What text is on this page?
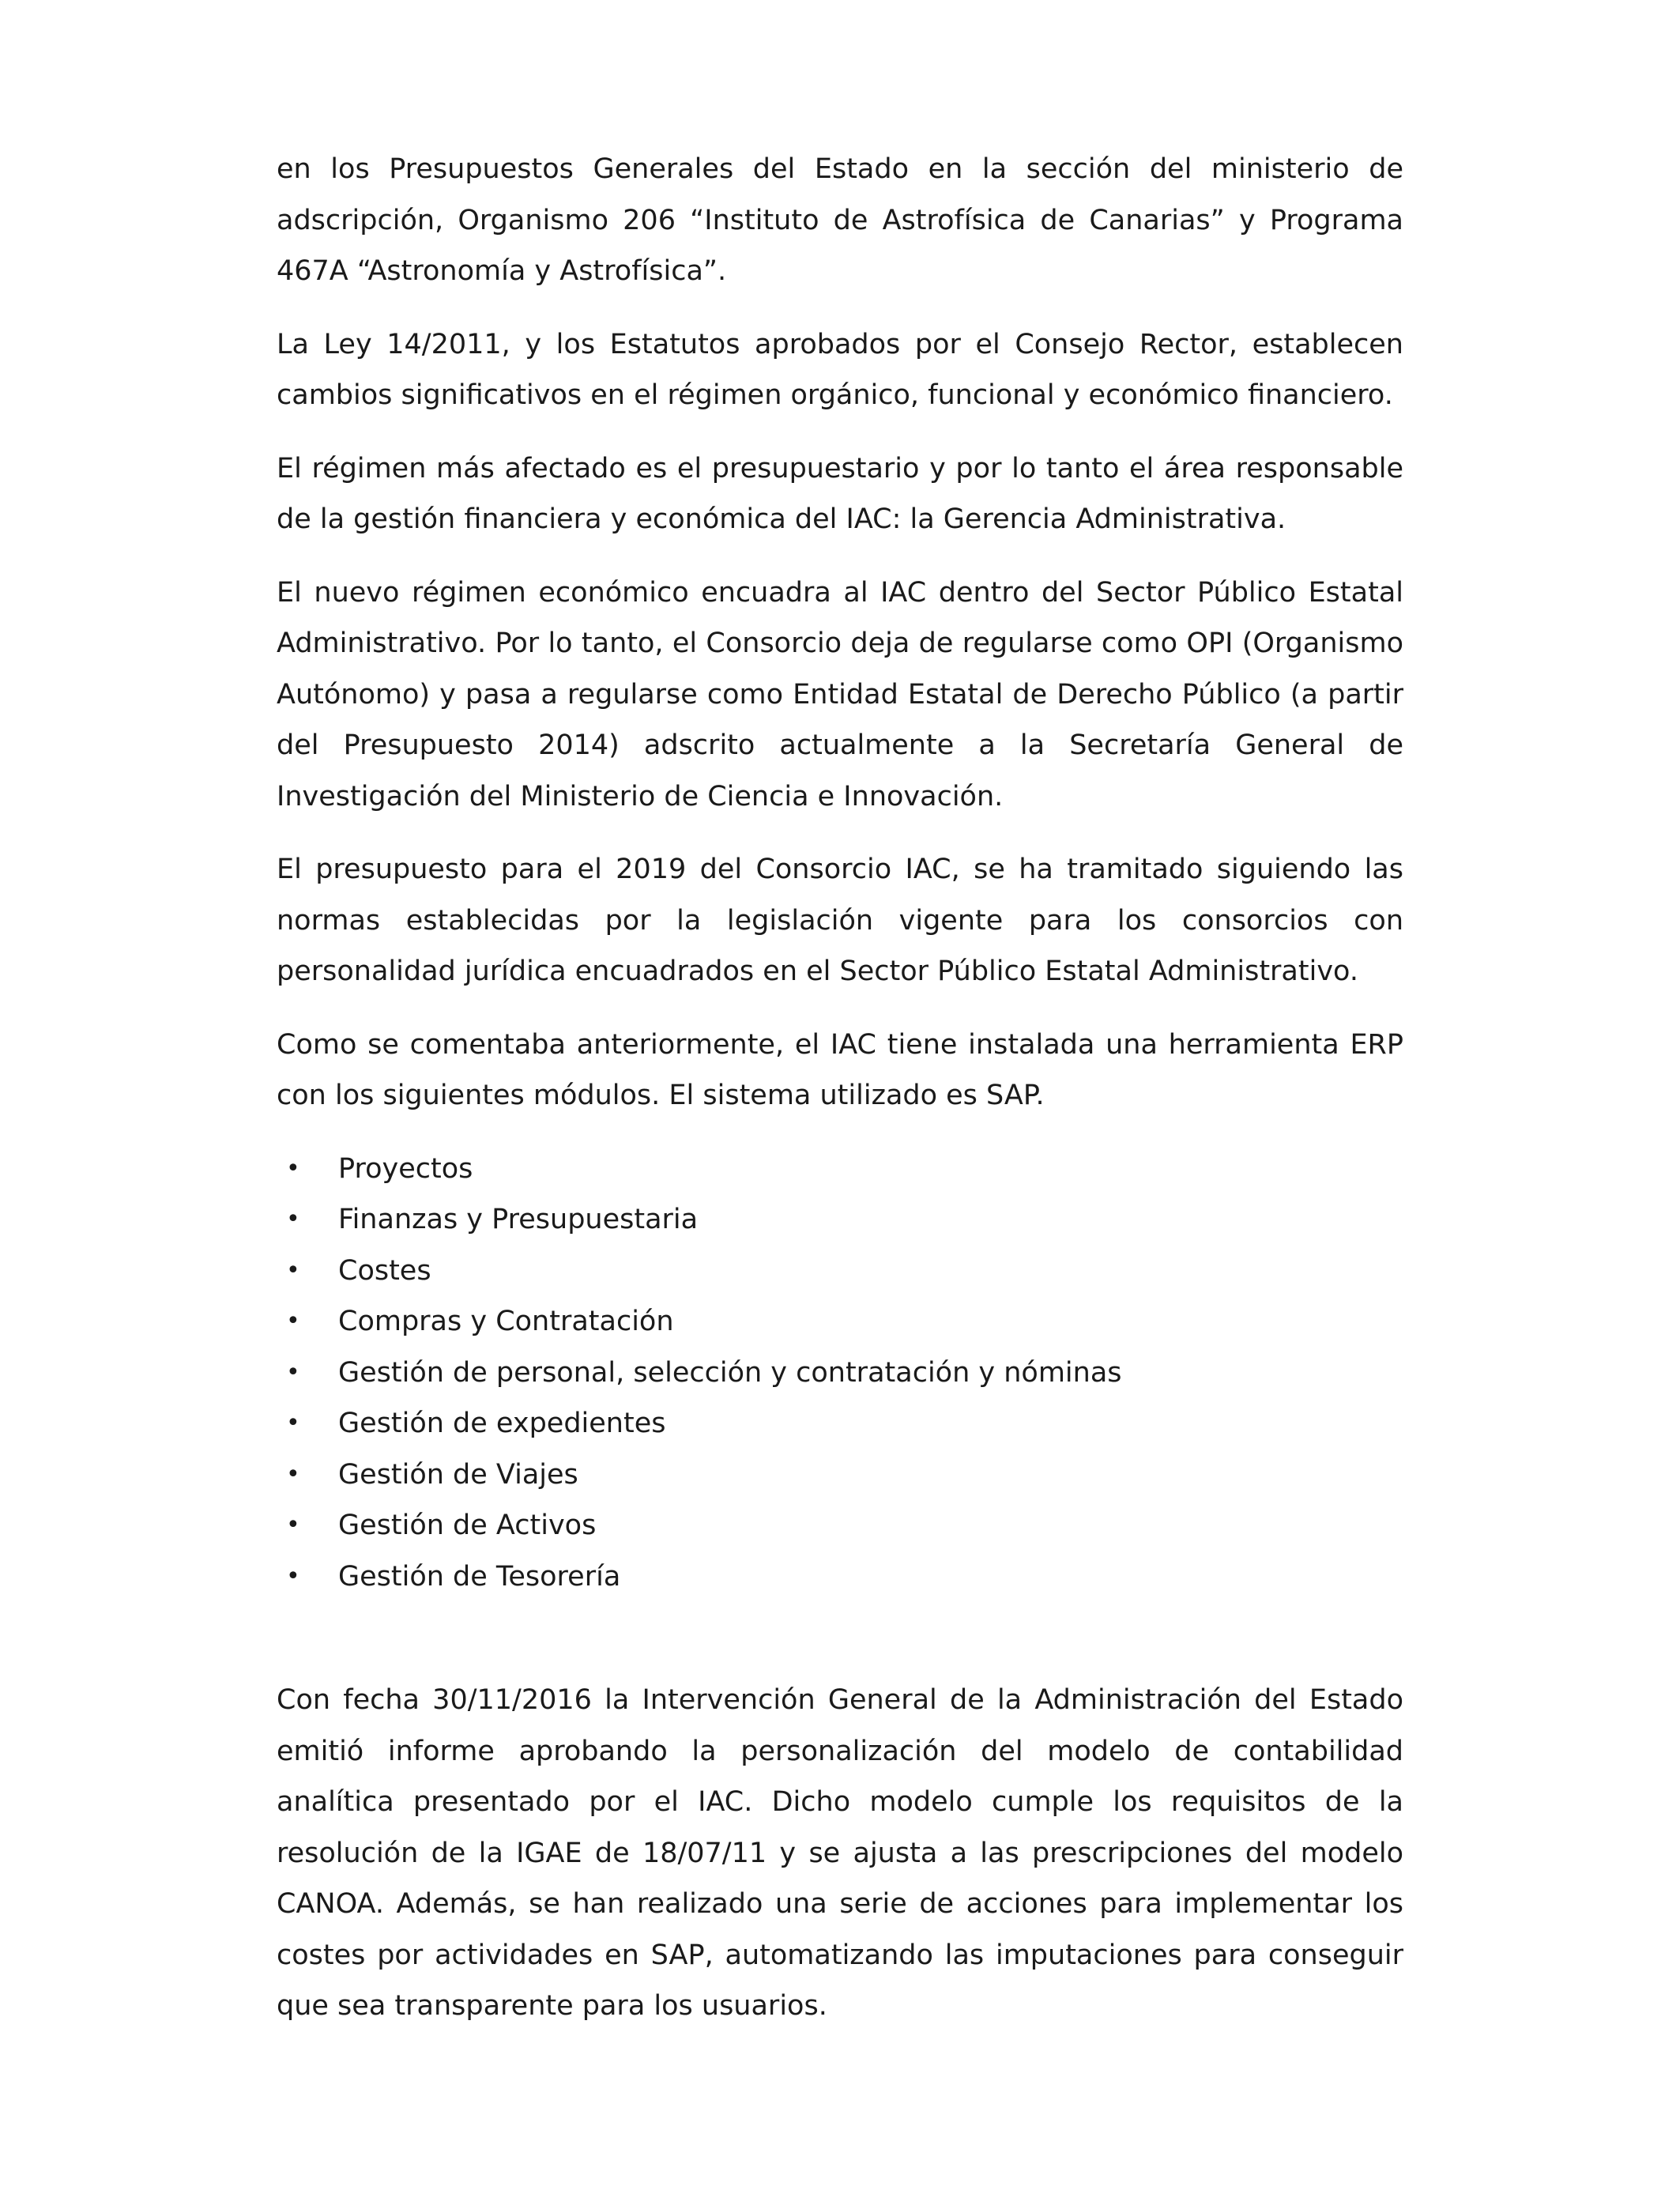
en los Presupuestos Generales del Estado en la sección del ministerio de adscripción, Organismo 206 “Instituto de Astrofísica de Canarias” y Programa 467A “Astronomía y Astrofísica”.

La Ley 14/2011, y los Estatutos aprobados por el Consejo Rector, establecen cambios significativos en el régimen orgánico, funcional y económico financiero.

El régimen más afectado es el presupuestario y por lo tanto el área responsable de la gestión financiera y económica del IAC: la Gerencia Administrativa.

El nuevo régimen económico encuadra al IAC dentro del Sector Público Estatal Administrativo. Por lo tanto, el Consorcio deja de regularse como OPI (Organismo Autónomo) y pasa a regularse como Entidad Estatal de Derecho Público (a partir del Presupuesto 2014) adscrito actualmente a la Secretaría General de Investigación del Ministerio de Ciencia e Innovación.

El presupuesto para el 2019 del Consorcio IAC, se ha tramitado siguiendo las normas establecidas por la legislación vigente para los consorcios con personalidad jurídica encuadrados en el Sector Público Estatal Administrativo.

Como se comentaba anteriormente, el IAC tiene instalada una herramienta ERP con los siguientes módulos. El sistema utilizado es SAP.

• Proyectos
• Finanzas y Presupuestaria
• Costes
• Compras y Contratación
• Gestión de personal, selección y contratación y nóminas
• Gestión de expedientes
• Gestión de Viajes
• Gestión de Activos
• Gestión de Tesorería

Con fecha 30/11/2016 la Intervención General de la Administración del Estado emitió informe aprobando la personalización del modelo de contabilidad analítica presentado por el IAC. Dicho modelo cumple los requisitos de la resolución de la IGAE de 18/07/11 y se ajusta a las prescripciones del modelo CANOA. Además, se han realizado una serie de acciones para implementar los costes por actividades en SAP, automatizando las imputaciones para conseguir que sea transparente para los usuarios.
